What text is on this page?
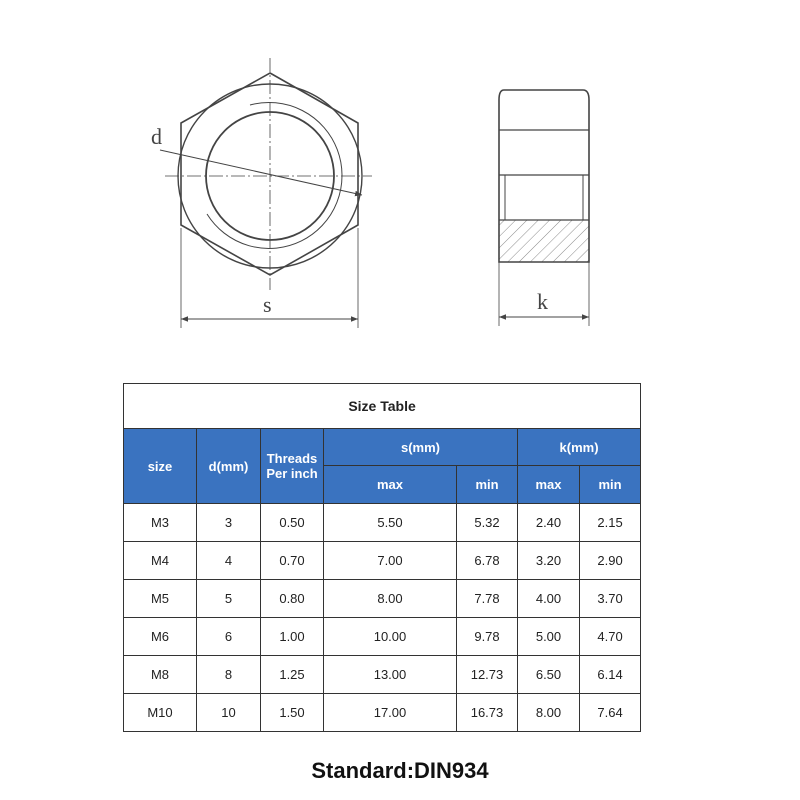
d
s	k
Size Table						
size	d(mm)	Threads Per inch	s(mm)		k(mm)	
			max	min	max	min
M3	3	0.50	5.50	5.32	2.40	2.15
M4	4	0.70	7.00	6.78	3.20	2.90
M5	5	0.80	8.00	7.78	4.00	3.70
M6	6	1.00	10.00	9.78	5.00	4.70
M8	8	1.25	13.00	12.73	6.50	6.14
M10	10	1.50	17.00	16.73	8.00	7.64
Standard:DIN934
